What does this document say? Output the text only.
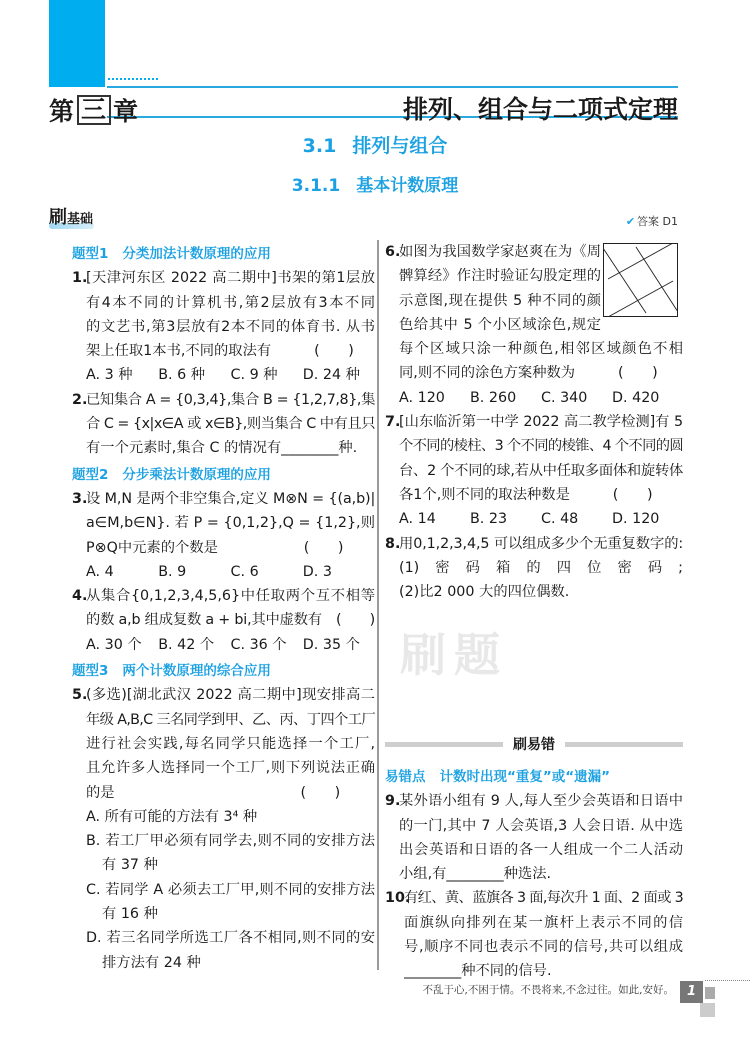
第 三 章	排列、组合与二项式定理
3.1 排列与组合
3.1.1 基本计数原理
刷基础	✔ 答案 D1
刷题
题型1 分类加法计数原理的应用
1.
[天津河东区 2022 高二期中]书架的第1层放
有4本不同的计算机书,第2层放有3本不同
的文艺书,第3层放有2本不同的体育书. 从书
架上任取1本书,不同的取法有　　　(　　)
A. 3 种	B. 6 种	C. 9 种	D. 24 种
2.
已知集合 A = {0,3,4},集合 B = {1,2,7,8},集
合 C = {x|x∈A 或 x∈B},则当集合 C 中有且只
有一个元素时,集合 C 的情况有________种.
题型2 分步乘法计数原理的应用
3.
设 M,N 是两个非空集合,定义 M⊗N = {(a,b)|
a∈M,b∈N}. 若 P = {0,1,2},Q = {1,2},则
P⊗Q中元素的个数是　　　　　　(　　)
A. 4	B. 9	C. 6	D. 3
4.
从集合{0,1,2,3,4,5,6}中任取两个互不相等
的数 a,b 组成复数 a + bi,其中虚数有　(　　)
A. 30 个	B. 42 个	C. 36 个	D. 35 个
题型3 两个计数原理的综合应用
5.
(多选)[湖北武汉 2022 高二期中]现安排高二
年级 A,B,C 三名同学到甲、乙、丙、丁四个工厂
进行社会实践,每名同学只能选择一个工厂,
且允许多人选择同一个工厂,则下列说法正确
的是　　　　　　　　　　　　　(　　)
A. 所有可能的方法有 3⁴ 种
B. 若工厂甲必须有同学去,则不同的安排方法
有 37 种
C. 若同学 A 必须去工厂甲,则不同的安排方法
有 16 种
D. 若三名同学所选工厂各不相同,则不同的安
排方法有 24 种
6.
如图为我国数学家赵爽在为《周
髀算经》作注时验证勾股定理的
示意图,现在提供 5 种不同的颜
色给其中 5 个小区域涂色,规定
每个区域只涂一种颜色,相邻区域颜色不相
同,则不同的涂色方案种数为　　　(　　)
A. 120	B. 260	C. 340	D. 420
7.
[山东临沂第一中学 2022 高二教学检测]有 5
个不同的棱柱、3 个不同的棱锥、4 个不同的圆
台、2 个不同的球,若从中任取多面体和旋转体
各1个,则不同的取法种数是　　　(　　)
A. 14	B. 23	C. 48	D. 120
8.
用0,1,2,3,4,5 可以组成多少个无重复数字的:
(1)密码箱的四位密码;
(2)比2 000 大的四位偶数.
刷易错
易错点 计数时出现“重复”或“遗漏”
9.
某外语小组有 9 人,每人至少会英语和日语中
的一门,其中 7 人会英语,3 人会日语. 从中选
出会英语和日语的各一人组成一个二人活动
小组,有________种选法.
10.
有红、黄、蓝旗各 3 面,每次升 1 面、2 面或 3
面旗纵向排列在某一旗杆上表示不同的信
号,顺序不同也表示不同的信号,共可以组成
________种不同的信号.
不乱于心,不困于情。不畏将来,不念过往。如此,安好。 1
